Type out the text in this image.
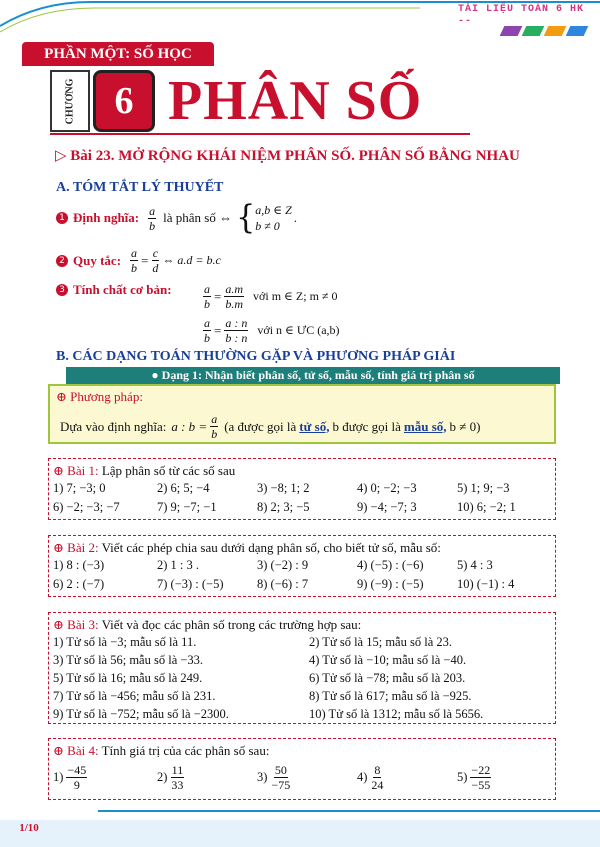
TÀI LIỆU TOÁN 6 HK
--
PHẦN MỘT: SỐ HỌC
CHƯƠNG	6 PHÂN SỐ
▷ Bài 23. MỞ RỘNG KHÁI NIỆM PHÂN SỐ. PHÂN SỐ BẰNG NHAU
A. TÓM TẮT LÝ THUYẾT
1 Định nghĩa: $\frac{a}{b}$ là phân số ⇔ { a,b ∈ Z
b ≠ 0
.
2 Quy tắc: $\frac{a}{b} = \frac{c}{d}$ ⇔ a.d = b.c
3 Tính chất cơ bản:	$\frac{a}{b} = \frac{a.m}{b.m}$ với m ∈ Z; m ≠ 0
$\frac{a}{b} = \frac{a : n}{b : n}$ với n ∈ ƯC (a,b)
B. CÁC DẠNG TOÁN THƯỜNG GẶP VÀ PHƯƠNG PHÁP GIẢI
● Dạng 1: Nhận biết phân số, tử số, mẫu số, tính giá trị phân số
⊕ Phương pháp:
Dựa vào định nghĩa: a : $b = \frac{a}{b} (a$ được gọi là tử số, b được gọi là mẫu số, b ≠ 0)
⊕ Bài 1: Lập phân số từ các số sau
1) 7; −3; 0	2) 6; 5; −4	3) −8; 1; 2	4) 0; −2; −3	5) 1; 9; −3
6) −2; −3; −7	7) 9; −7; −1	8) 2; 3; −5	9) −4; −7; 3	10) 6; −2; 1
⊕ Bài 2: Viết các phép chia sau dưới dạng phân số, cho biết tử số, mẫu số:
1) 8 : (−3)	2) 1 : 3 .	3) (−2) : 9	4) (−5) : (−6)	5) 4 : 3
6) 2 : (−7)	7) (−3) : (−5)	8) (−6) : 7	9) (−9) : (−5)	10) (−1) : 4
⊕ Bài 3: Viết và đọc các phân số trong các trường hợp sau:
1) Tử số là −3; mẫu số là 11.	2) Tử số là 15; mẫu số là 23.
3) Tử số là 56; mẫu số là −33.	4) Tử số là −10; mẫu số là −40.
5) Tử số là 16; mẫu số là 249.	6) Tử số là −78; mẫu số là 203.
7) Tử số là −456; mẫu số là 231.	8) Tử số là 617; mẫu số là −925.
9) Tử số là −752; mẫu số là −2300.	10) Tử số là 1312; mẫu số là 5656.
⊕ Bài 4: Tính giá trị của các phân số sau:
$1) \frac{-45}{9}$	$2) \frac{11}{33}$	$3) \frac{50}{-75}$	$4) \frac{8}{24}$	$5) \frac{-22}{-55}$
1/10
